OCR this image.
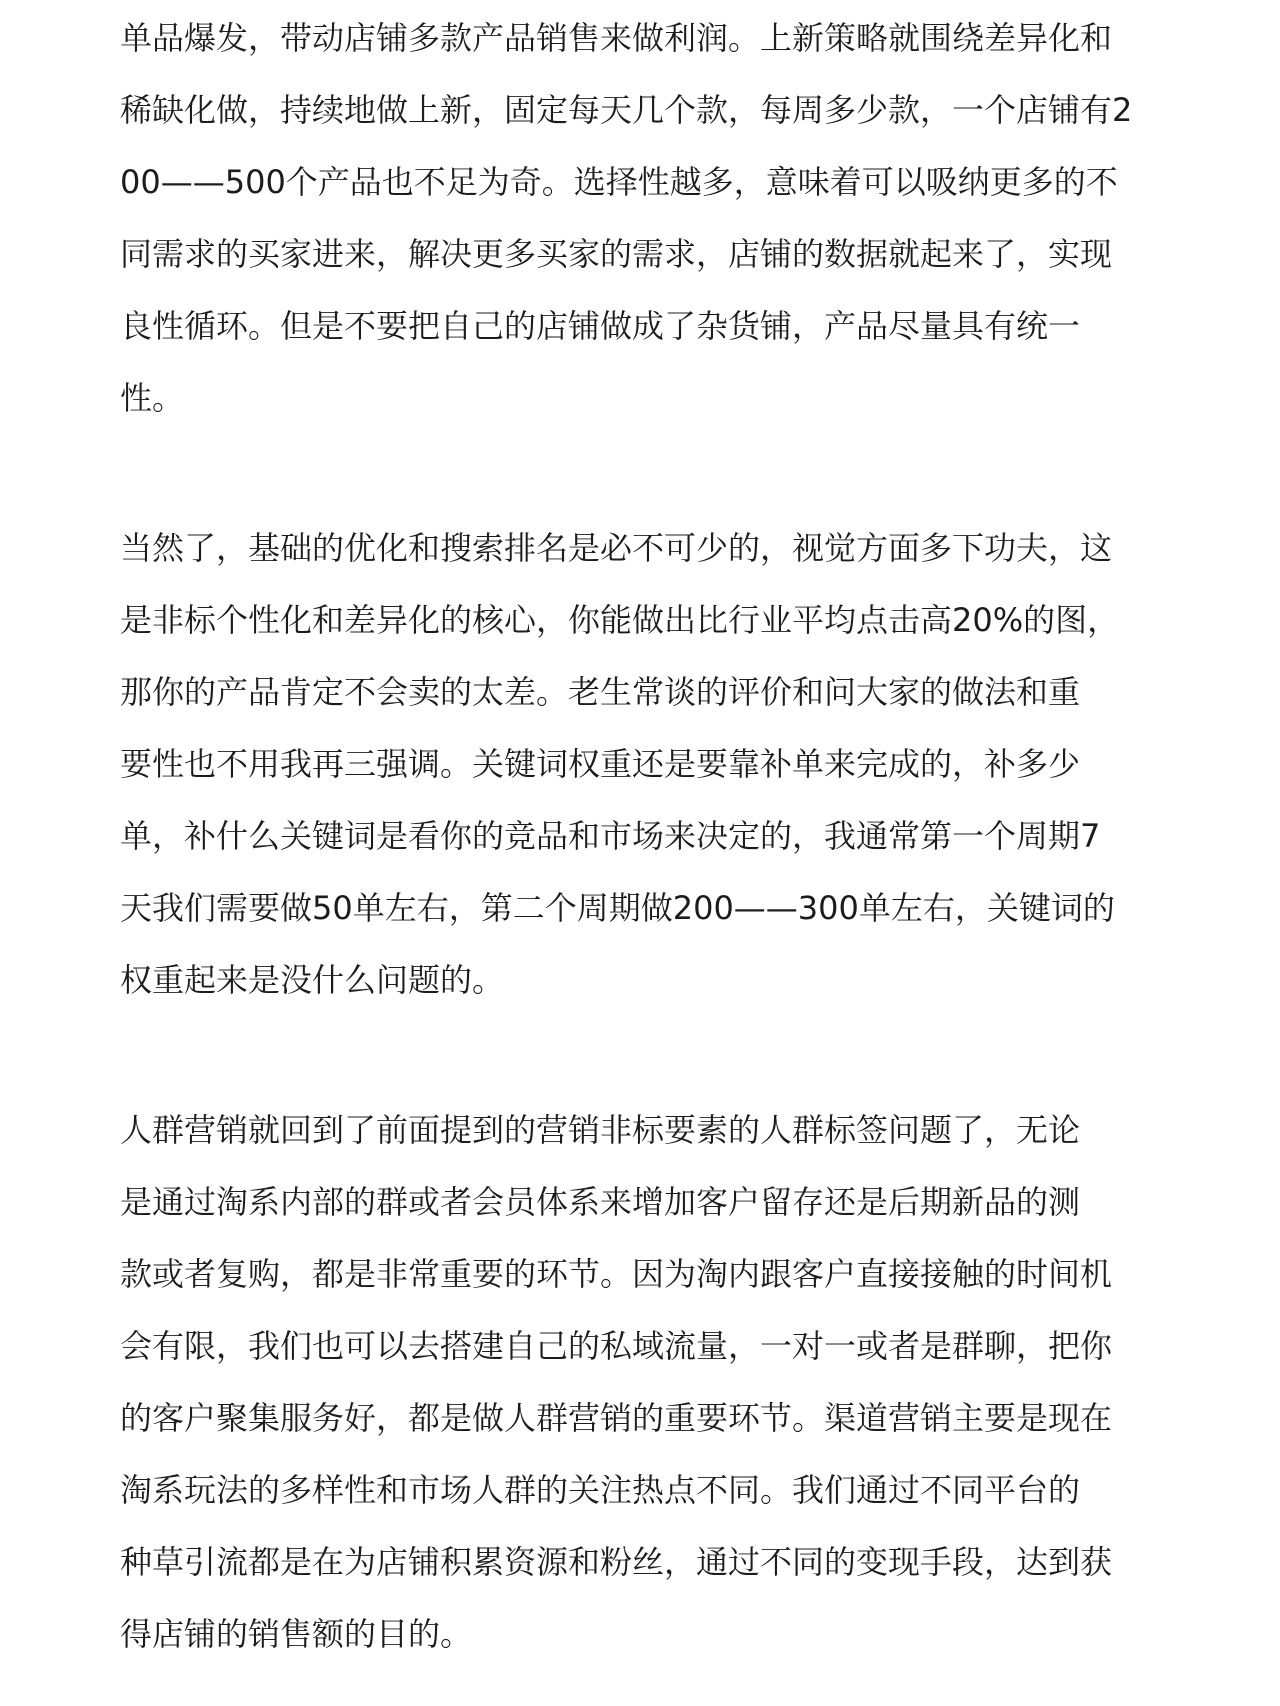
单品爆发，带动店铺多款产品销售来做利润。上新策略就围绕差异化和

稀缺化做，持续地做上新，固定每天几个款，每周多少款，一个店铺有2

00——500个产品也不足为奇。选择性越多，意味着可以吸纳更多的不

同需求的买家进来，解决更多买家的需求，店铺的数据就起来了，实现

良性循环。但是不要把自己的店铺做成了杂货铺，产品尽量具有统一

性。

当然了，基础的优化和搜索排名是必不可少的，视觉方面多下功夫，这

是非标个性化和差异化的核心，你能做出比行业平均点击高20%的图，

那你的产品肯定不会卖的太差。老生常谈的评价和问大家的做法和重

要性也不用我再三强调。关键词权重还是要靠补单来完成的，补多少

单，补什么关键词是看你的竞品和市场来决定的，我通常第一个周期7

天我们需要做50单左右，第二个周期做200——300单左右，关键词的

权重起来是没什么问题的。

人群营销就回到了前面提到的营销非标要素的人群标签问题了，无论

是通过淘系内部的群或者会员体系来增加客户留存还是后期新品的测

款或者复购，都是非常重要的环节。因为淘内跟客户直接接触的时间机

会有限，我们也可以去搭建自己的私域流量，一对一或者是群聊，把你

的客户聚集服务好，都是做人群营销的重要环节。渠道营销主要是现在

淘系玩法的多样性和市场人群的关注热点不同。我们通过不同平台的

种草引流都是在为店铺积累资源和粉丝，通过不同的变现手段，达到获

得店铺的销售额的目的。
